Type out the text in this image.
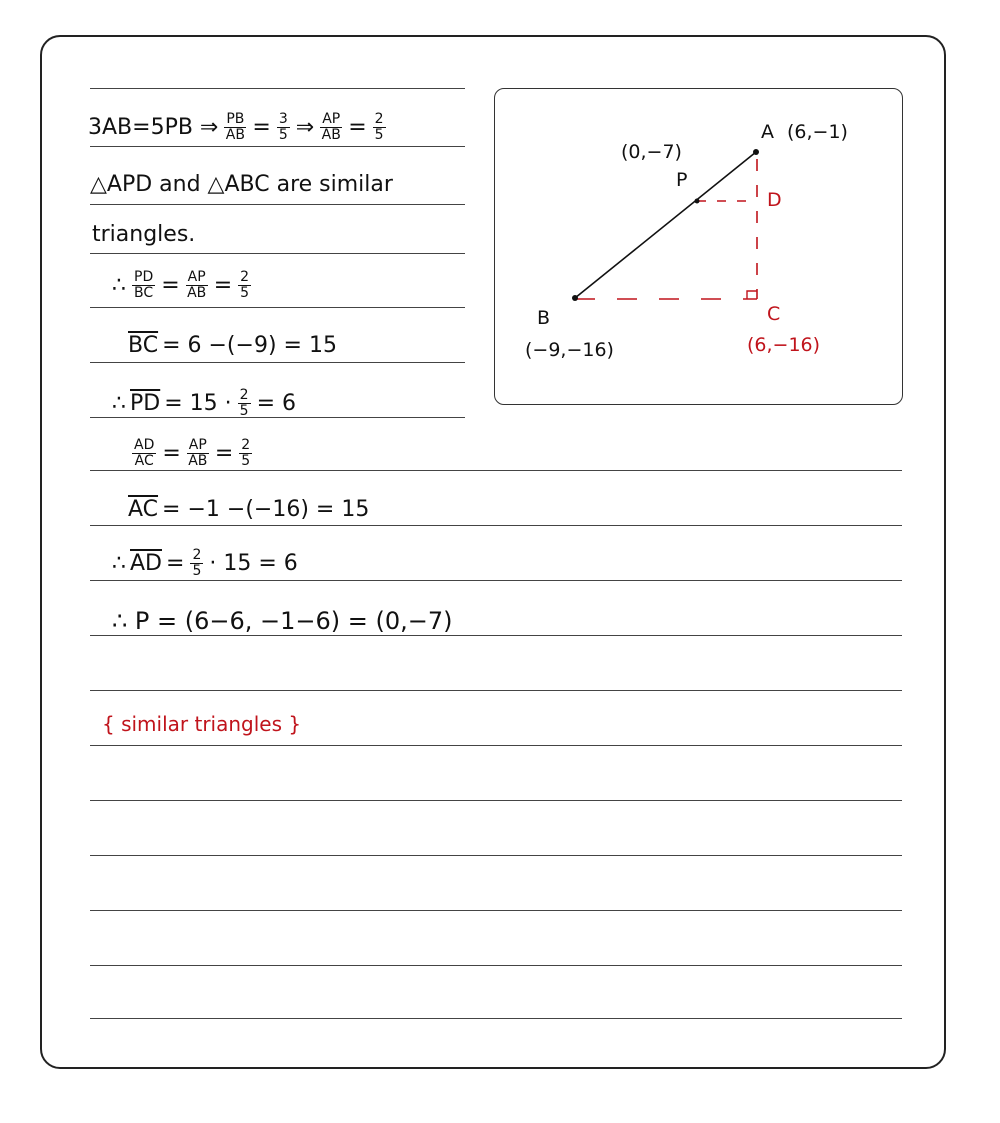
3AB=5PB ⇒ $\frac{PB}{AB} = \frac{3}{5}$ ⇒ $\frac{AP}{AB} = \frac{2}{5}$
△APD and △ABC are similar
triangles.
∴ $\frac{PD}{BC} = \frac{AP}{AB} = \frac{2}{5}$
$\overline{BC} = 6 -(-9) = 15$
∴ $\overline{PD} = 15 \cdot \frac{2}{5} = 6$
$\frac{AD}{AC} = \frac{AP}{AB} = \frac{2}{5}$
$\overline{AC} = -1 -(-16) = 15$
∴ $\overline{AD} = \frac{2}{5} \cdot 15 = 6$
∴ P = (6−6, −1−6) = (0,−7)
{ similar triangles }
A (6,−1)
(0,−7)
P
D
B
(−9,−16)
C
(6,−16)
